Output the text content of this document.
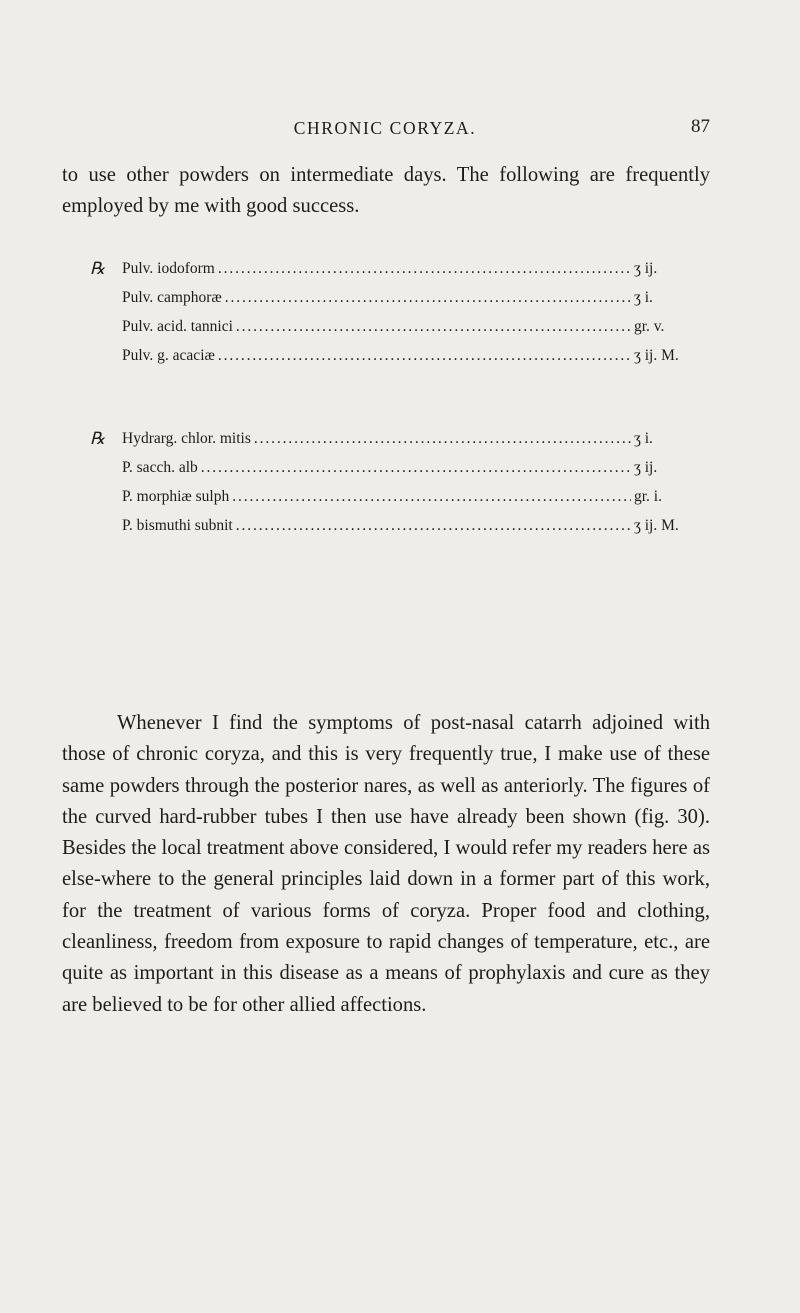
CHRONIC CORYZA.	87

to use other powders on intermediate days. The following are frequently employed by me with good success.

℞	Pulv. iodoform . . .	ʒ ij.
Pulv. camphoræ . . .	ʒ i.
Pulv. acid. tannici . . .	gr. v.
Pulv. g. acaciæ . . .	ʒ ij. M.
℞	Hydrarg. chlor. mitis . . .	ʒ i.
P. sacch. alb . . .	ʒ ij.
P. morphiæ sulph . . .	gr. i.
P. bismuthi subnit . . .	ʒ ij. M.

Whenever I find the symptoms of post-nasal catarrh adjoined with those of chronic coryza, and this is very frequently true, I make use of these same powders through the posterior nares, as well as anteriorly. The figures of the curved hard-rubber tubes I then use have already been shown (fig. 30). Besides the local treatment above considered, I would refer my readers here as else-where to the general principles laid down in a former part of this work, for the treatment of various forms of coryza. Proper food and clothing, cleanliness, freedom from exposure to rapid changes of temperature, etc., are quite as important in this disease as a means of prophylaxis and cure as they are believed to be for other allied affections.
